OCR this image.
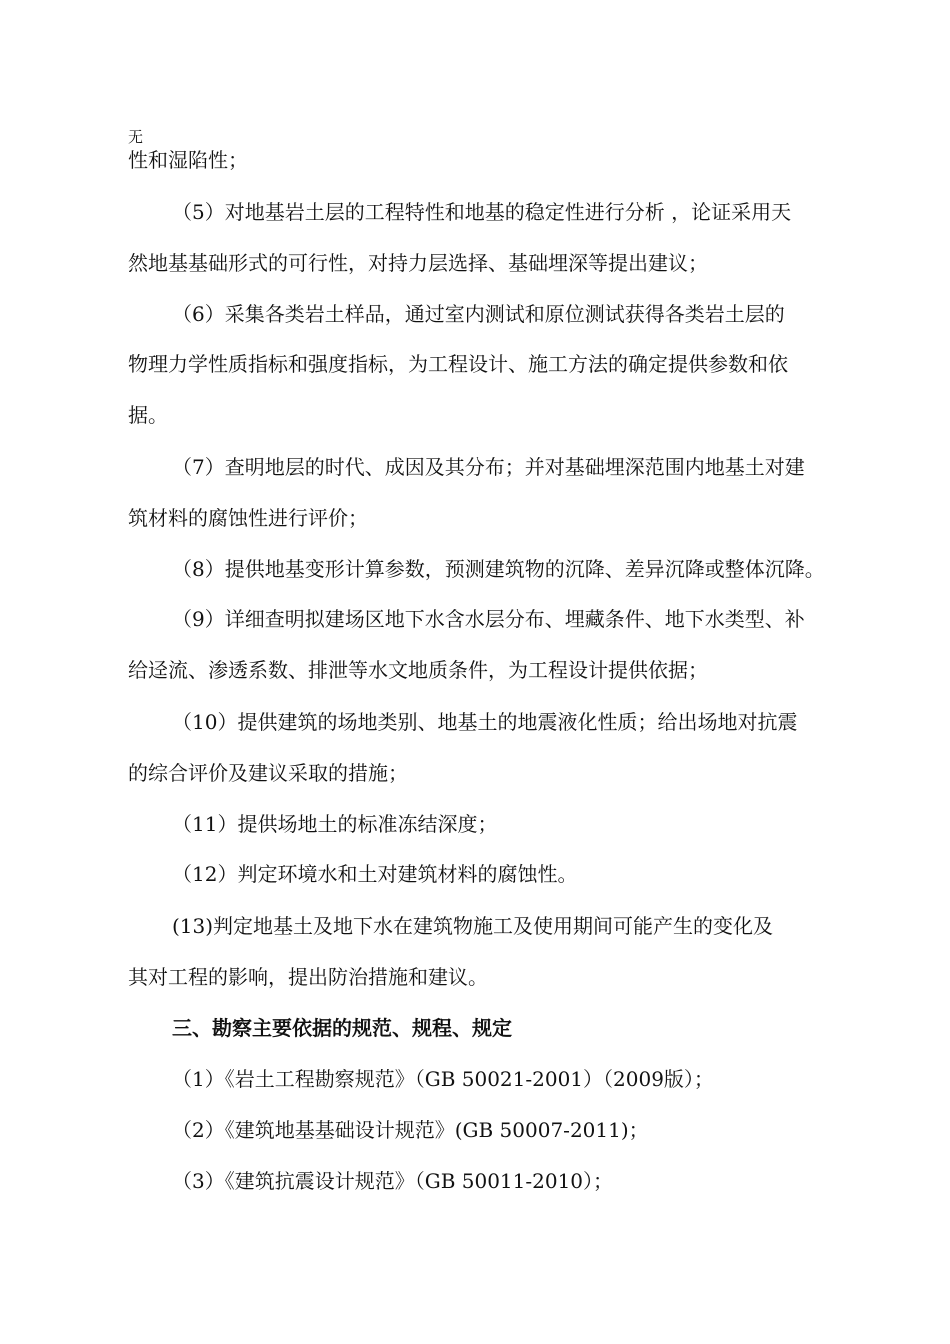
无
性和湿陷性；
（5）对地基岩土层的工程特性和地基的稳定性进行分析 ，论证采用天
然地基基础形式的可行性，对持力层选择、基础埋深等提出建议；
（6）采集各类岩土样品，通过室内测试和原位测试获得各类岩土层的
物理力学性质指标和强度指标，为工程设计、施工方法的确定提供参数和依
据。
（7）查明地层的时代、成因及其分布；并对基础埋深范围内地基土对建
筑材料的腐蚀性进行评价；
（8）提供地基变形计算参数，预测建筑物的沉降、差异沉降或整体沉降。
（9）详细查明拟建场区地下水含水层分布、埋藏条件、地下水类型、补
给迳流、渗透系数、排泄等水文地质条件，为工程设计提供依据；
（10）提供建筑的场地类别、地基土的地震液化性质；给出场地对抗震
的综合评价及建议采取的措施；
（11）提供场地土的标准冻结深度；
（12）判定环境水和土对建筑材料的腐蚀性。
(13)判定地基土及地下水在建筑物施工及使用期间可能产生的变化及
其对工程的影响，提出防治措施和建议。
三、勘察主要依据的规范、规程、规定
（1）《岩土工程勘察规范》（GB 50021-2001）（2009版）；
（2）《建筑地基基础设计规范》(GB 50007-2011)；
（3）《建筑抗震设计规范》（GB 50011-2010）；
